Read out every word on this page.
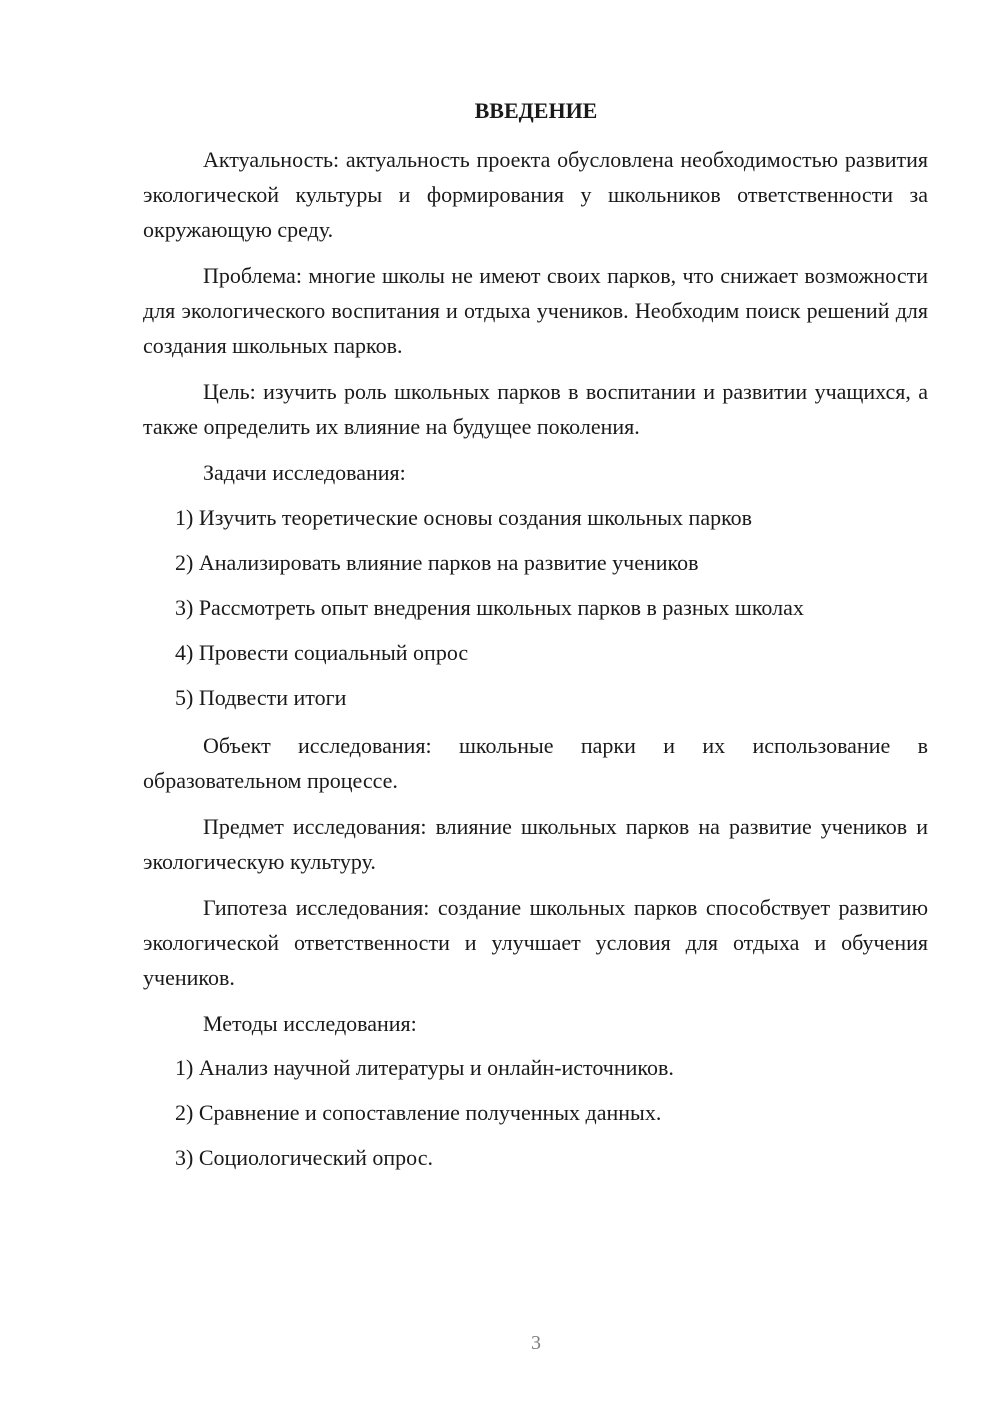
ВВЕДЕНИЕ

Актуальность: актуальность проекта обусловлена необходимостью развития экологической культуры и формирования у школьников ответственности за окружающую среду.

Проблема: многие школы не имеют своих парков, что снижает возможности для экологического воспитания и отдыха учеников. Необходим поиск решений для создания школьных парков.

Цель: изучить роль школьных парков в воспитании и развитии учащихся, а также определить их влияние на будущее поколения.

Задачи исследования:

1) Изучить теоретические основы создания школьных парков

2) Анализировать влияние парков на развитие учеников

3) Рассмотреть опыт внедрения школьных парков в разных школах

4) Провести социальный опрос

5) Подвести итоги

Объект исследования: школьные парки и их использование в образовательном процессе.

Предмет исследования: влияние школьных парков на развитие учеников и экологическую культуру.

Гипотеза исследования: создание школьных парков способствует развитию экологической ответственности и улучшает условия для отдыха и обучения учеников.

Методы исследования:

1) Анализ научной литературы и онлайн-источников.

2) Сравнение и сопоставление полученных данных.

3) Социологический опрос.

3
